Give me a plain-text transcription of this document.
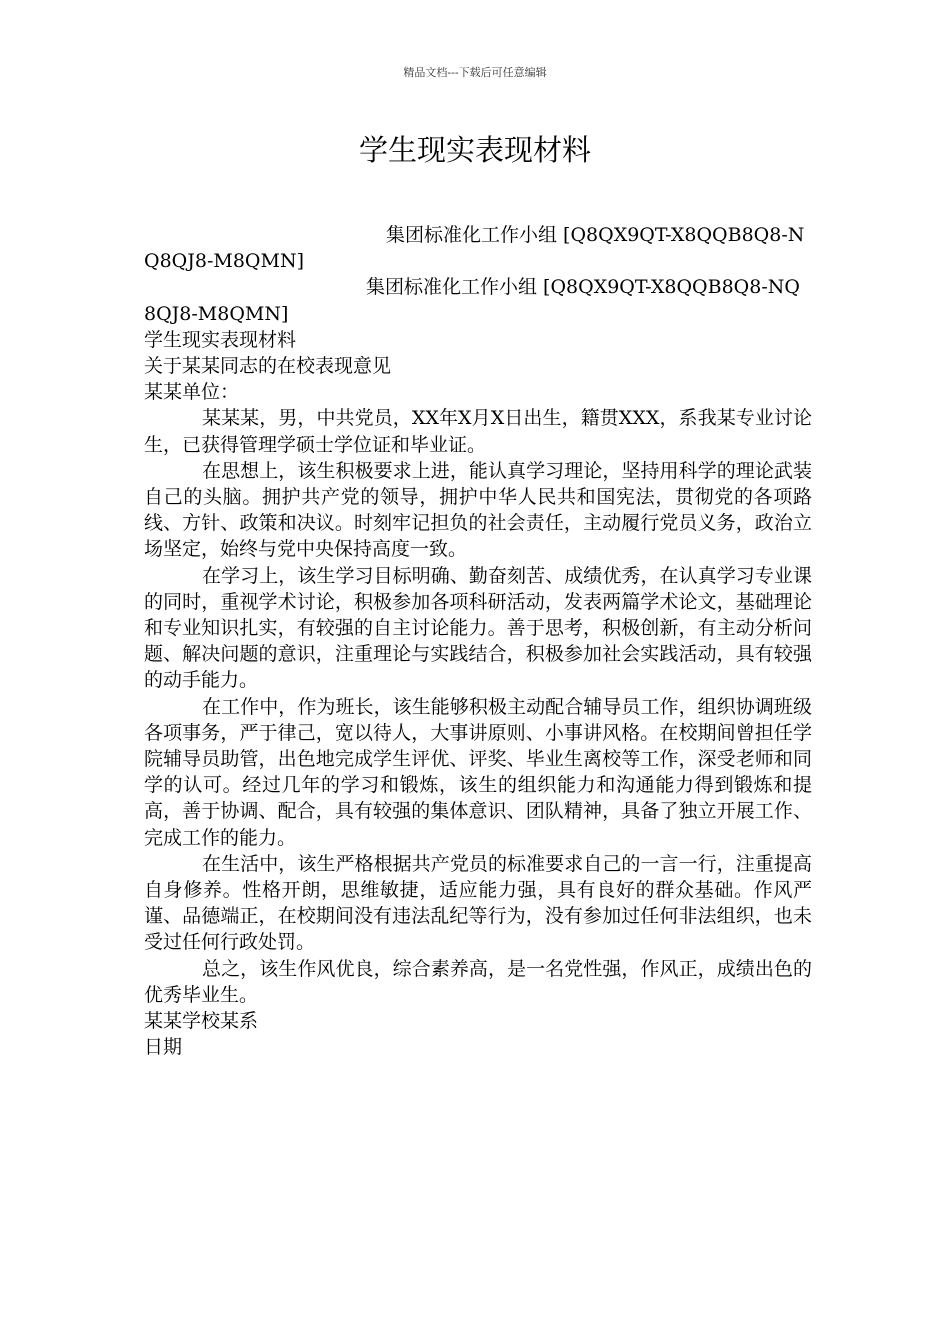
精品文档---下载后可任意编辑
学生现实表现材料

集团标准化工作小组 [Q8QX9QT-X8QQB8Q8-NQ8QJ8-M8QMN]

集团标准化工作小组 [Q8QX9QT-X8QQB8Q8-NQ8QJ8-M8QMN]

学生现实表现材料

关于某某同志的在校表现意见

某某单位：

某某某，男，中共党员，XX年X月X日出生，籍贯XXX，系我某专业讨论生，已获得管理学硕士学位证和毕业证。

在思想上，该生积极要求上进，能认真学习理论，坚持用科学的理论武装自己的头脑。拥护共产党的领导，拥护中华人民共和国宪法，贯彻党的各项路线、方针、政策和决议。时刻牢记担负的社会责任，主动履行党员义务，政治立场坚定，始终与党中央保持高度一致。

在学习上，该生学习目标明确、勤奋刻苦、成绩优秀，在认真学习专业课的同时，重视学术讨论，积极参加各项科研活动，发表两篇学术论文，基础理论和专业知识扎实，有较强的自主讨论能力。善于思考，积极创新，有主动分析问题、解决问题的意识，注重理论与实践结合，积极参加社会实践活动，具有较强的动手能力。

在工作中，作为班长，该生能够积极主动配合辅导员工作，组织协调班级各项事务，严于律己，宽以待人，大事讲原则、小事讲风格。在校期间曾担任学院辅导员助管，出色地完成学生评优、评奖、毕业生离校等工作，深受老师和同学的认可。经过几年的学习和锻炼，该生的组织能力和沟通能力得到锻炼和提高，善于协调、配合，具有较强的集体意识、团队精神，具备了独立开展工作、完成工作的能力。

在生活中，该生严格根据共产党员的标准要求自己的一言一行，注重提高自身修养。性格开朗，思维敏捷，适应能力强，具有良好的群众基础。作风严谨、品德端正，在校期间没有违法乱纪等行为，没有参加过任何非法组织，也未受过任何行政处罚。

总之，该生作风优良，综合素养高，是一名党性强，作风正，成绩出色的优秀毕业生。

某某学校某系

日期
